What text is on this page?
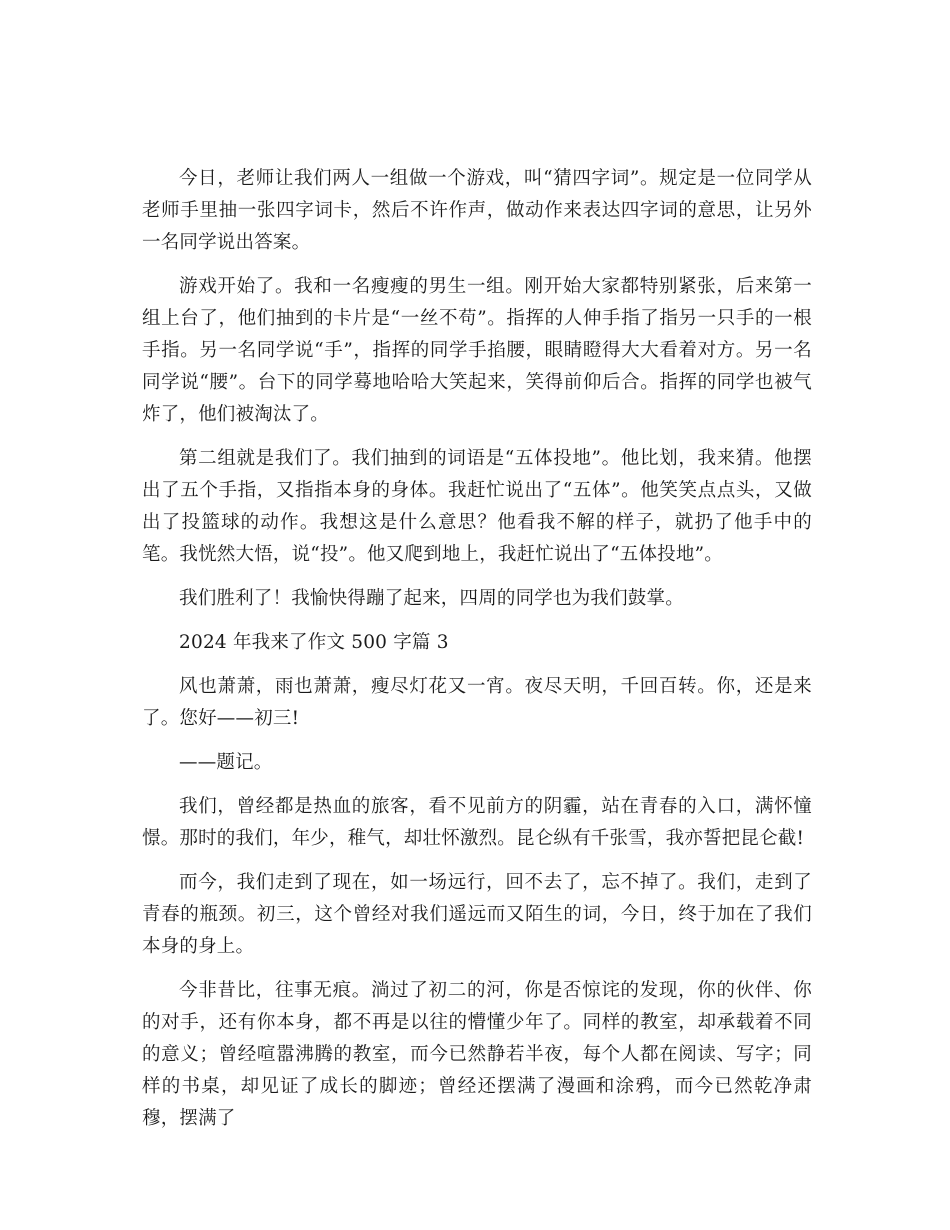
今日，老师让我们两人一组做一个游戏，叫“猜四字词”。规定是一位同学从老师手里抽一张四字词卡，然后不许作声，做动作来表达四字词的意思，让另外一名同学说出答案。

游戏开始了。我和一名瘦瘦的男生一组。刚开始大家都特别紧张，后来第一组上台了，他们抽到的卡片是“一丝不苟”。指挥的人伸手指了指另一只手的一根手指。另一名同学说“手”，指挥的同学手掐腰，眼睛瞪得大大看着对方。另一名同学说“腰”。台下的同学蓦地哈哈大笑起来，笑得前仰后合。指挥的同学也被气炸了，他们被淘汰了。

第二组就是我们了。我们抽到的词语是“五体投地”。他比划，我来猜。他摆出了五个手指，又指指本身的身体。我赶忙说出了“五体”。他笑笑点点头，又做出了投篮球的动作。我想这是什么意思？他看我不解的样子，就扔了他手中的笔。我恍然大悟，说“投”。他又爬到地上，我赶忙说出了“五体投地”。

我们胜利了！我愉快得蹦了起来，四周的同学也为我们鼓掌。

2024 年我来了作文 500 字篇 3

风也萧萧，雨也萧萧，瘦尽灯花又一宵。夜尽天明，千回百转。你，还是来了。您好——初三!

——题记。

我们，曾经都是热血的旅客，看不见前方的阴霾，站在青春的入口，满怀憧憬。那时的我们，年少，稚气，却壮怀激烈。昆仑纵有千张雪，我亦誓把昆仑截!

而今，我们走到了现在，如一场远行，回不去了，忘不掉了。我们，走到了青春的瓶颈。初三，这个曾经对我们遥远而又陌生的词，今日，终于加在了我们本身的身上。

今非昔比，往事无痕。淌过了初二的河，你是否惊诧的发现，你的伙伴、你的对手，还有你本身，都不再是以往的懵懂少年了。同样的教室，却承载着不同的意义；曾经喧嚣沸腾的教室，而今已然静若半夜，每个人都在阅读、写字；同样的书桌，却见证了成长的脚迹；曾经还摆满了漫画和涂鸦，而今已然乾净肃穆，摆满了
